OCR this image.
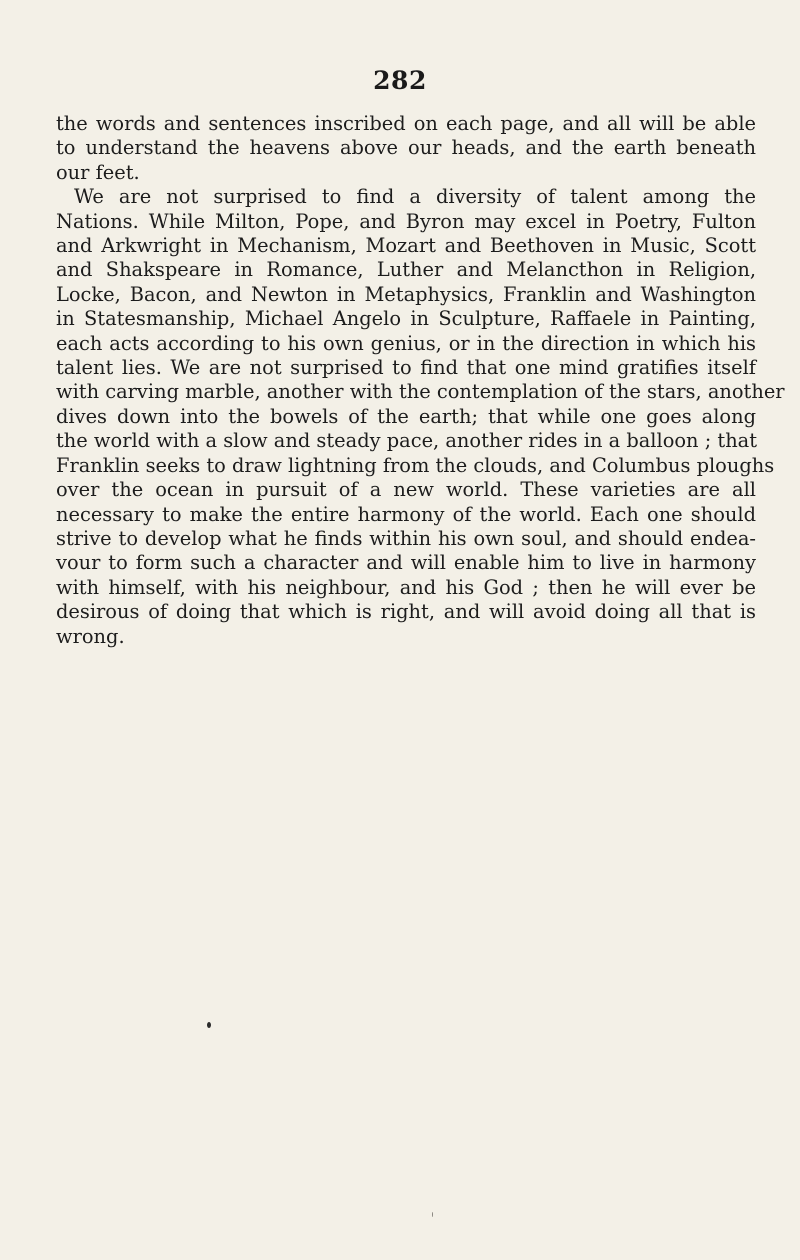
282
the words and sentences inscribed on each page, and all will be able
to understand the heavens above our heads, and the earth beneath
our feet.
We are not surprised to find a diversity of talent among the
Nations. While Milton, Pope, and Byron may excel in Poetry, Fulton
and Arkwright in Mechanism, Mozart and Beethoven in Music, Scott
and Shakspeare in Romance, Luther and Melancthon in Religion,
Locke, Bacon, and Newton in Metaphysics, Franklin and Washington
in Statesmanship, Michael Angelo in Sculpture, Raffaele in Painting,
each acts according to his own genius, or in the direction in which his
talent lies. We are not surprised to find that one mind gratifies itself
with carving marble, another with the contemplation of the stars, another
dives down into the bowels of the earth; that while one goes along
the world with a slow and steady pace, another rides in a balloon ; that
Franklin seeks to draw lightning from the clouds, and Columbus ploughs
over the ocean in pursuit of a new world. These varieties are all
necessary to make the entire harmony of the world. Each one should
strive to develop what he finds within his own soul, and should endea-
vour to form such a character and will enable him to live in harmony
with himself, with his neighbour, and his God ; then he will ever be
desirous of doing that which is right, and will avoid doing all that is
wrong.
